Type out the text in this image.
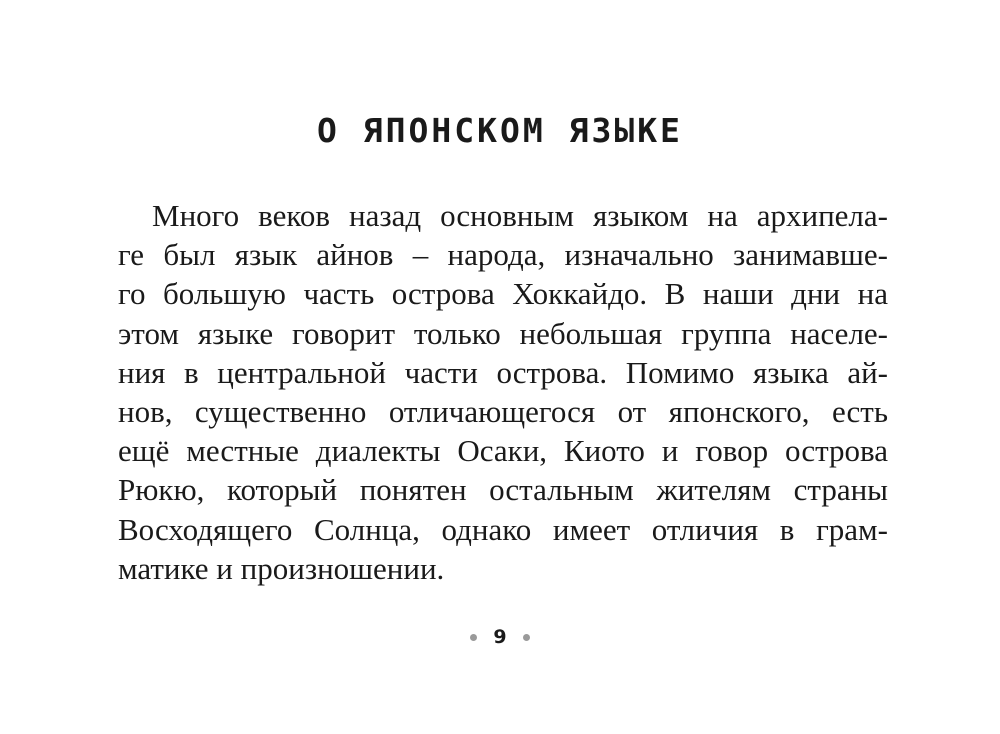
О ЯПОНСКОМ ЯЗЫКЕ
Много веков назад основным языком на архипела-
ге был язык айнов – народа, изначально занимавше-
го большую часть острова Хоккайдо. В наши дни на
этом языке говорит только небольшая группа населе-
ния в центральной части острова. Помимо языка ай-
нов, существенно отличающегося от японского, есть
ещё местные диалекты Осаки, Киото и говор острова
Рюкю, который понятен остальным жителям страны
Восходящего Солнца, однако имеет отличия в грам-
матике и произношении.
9
